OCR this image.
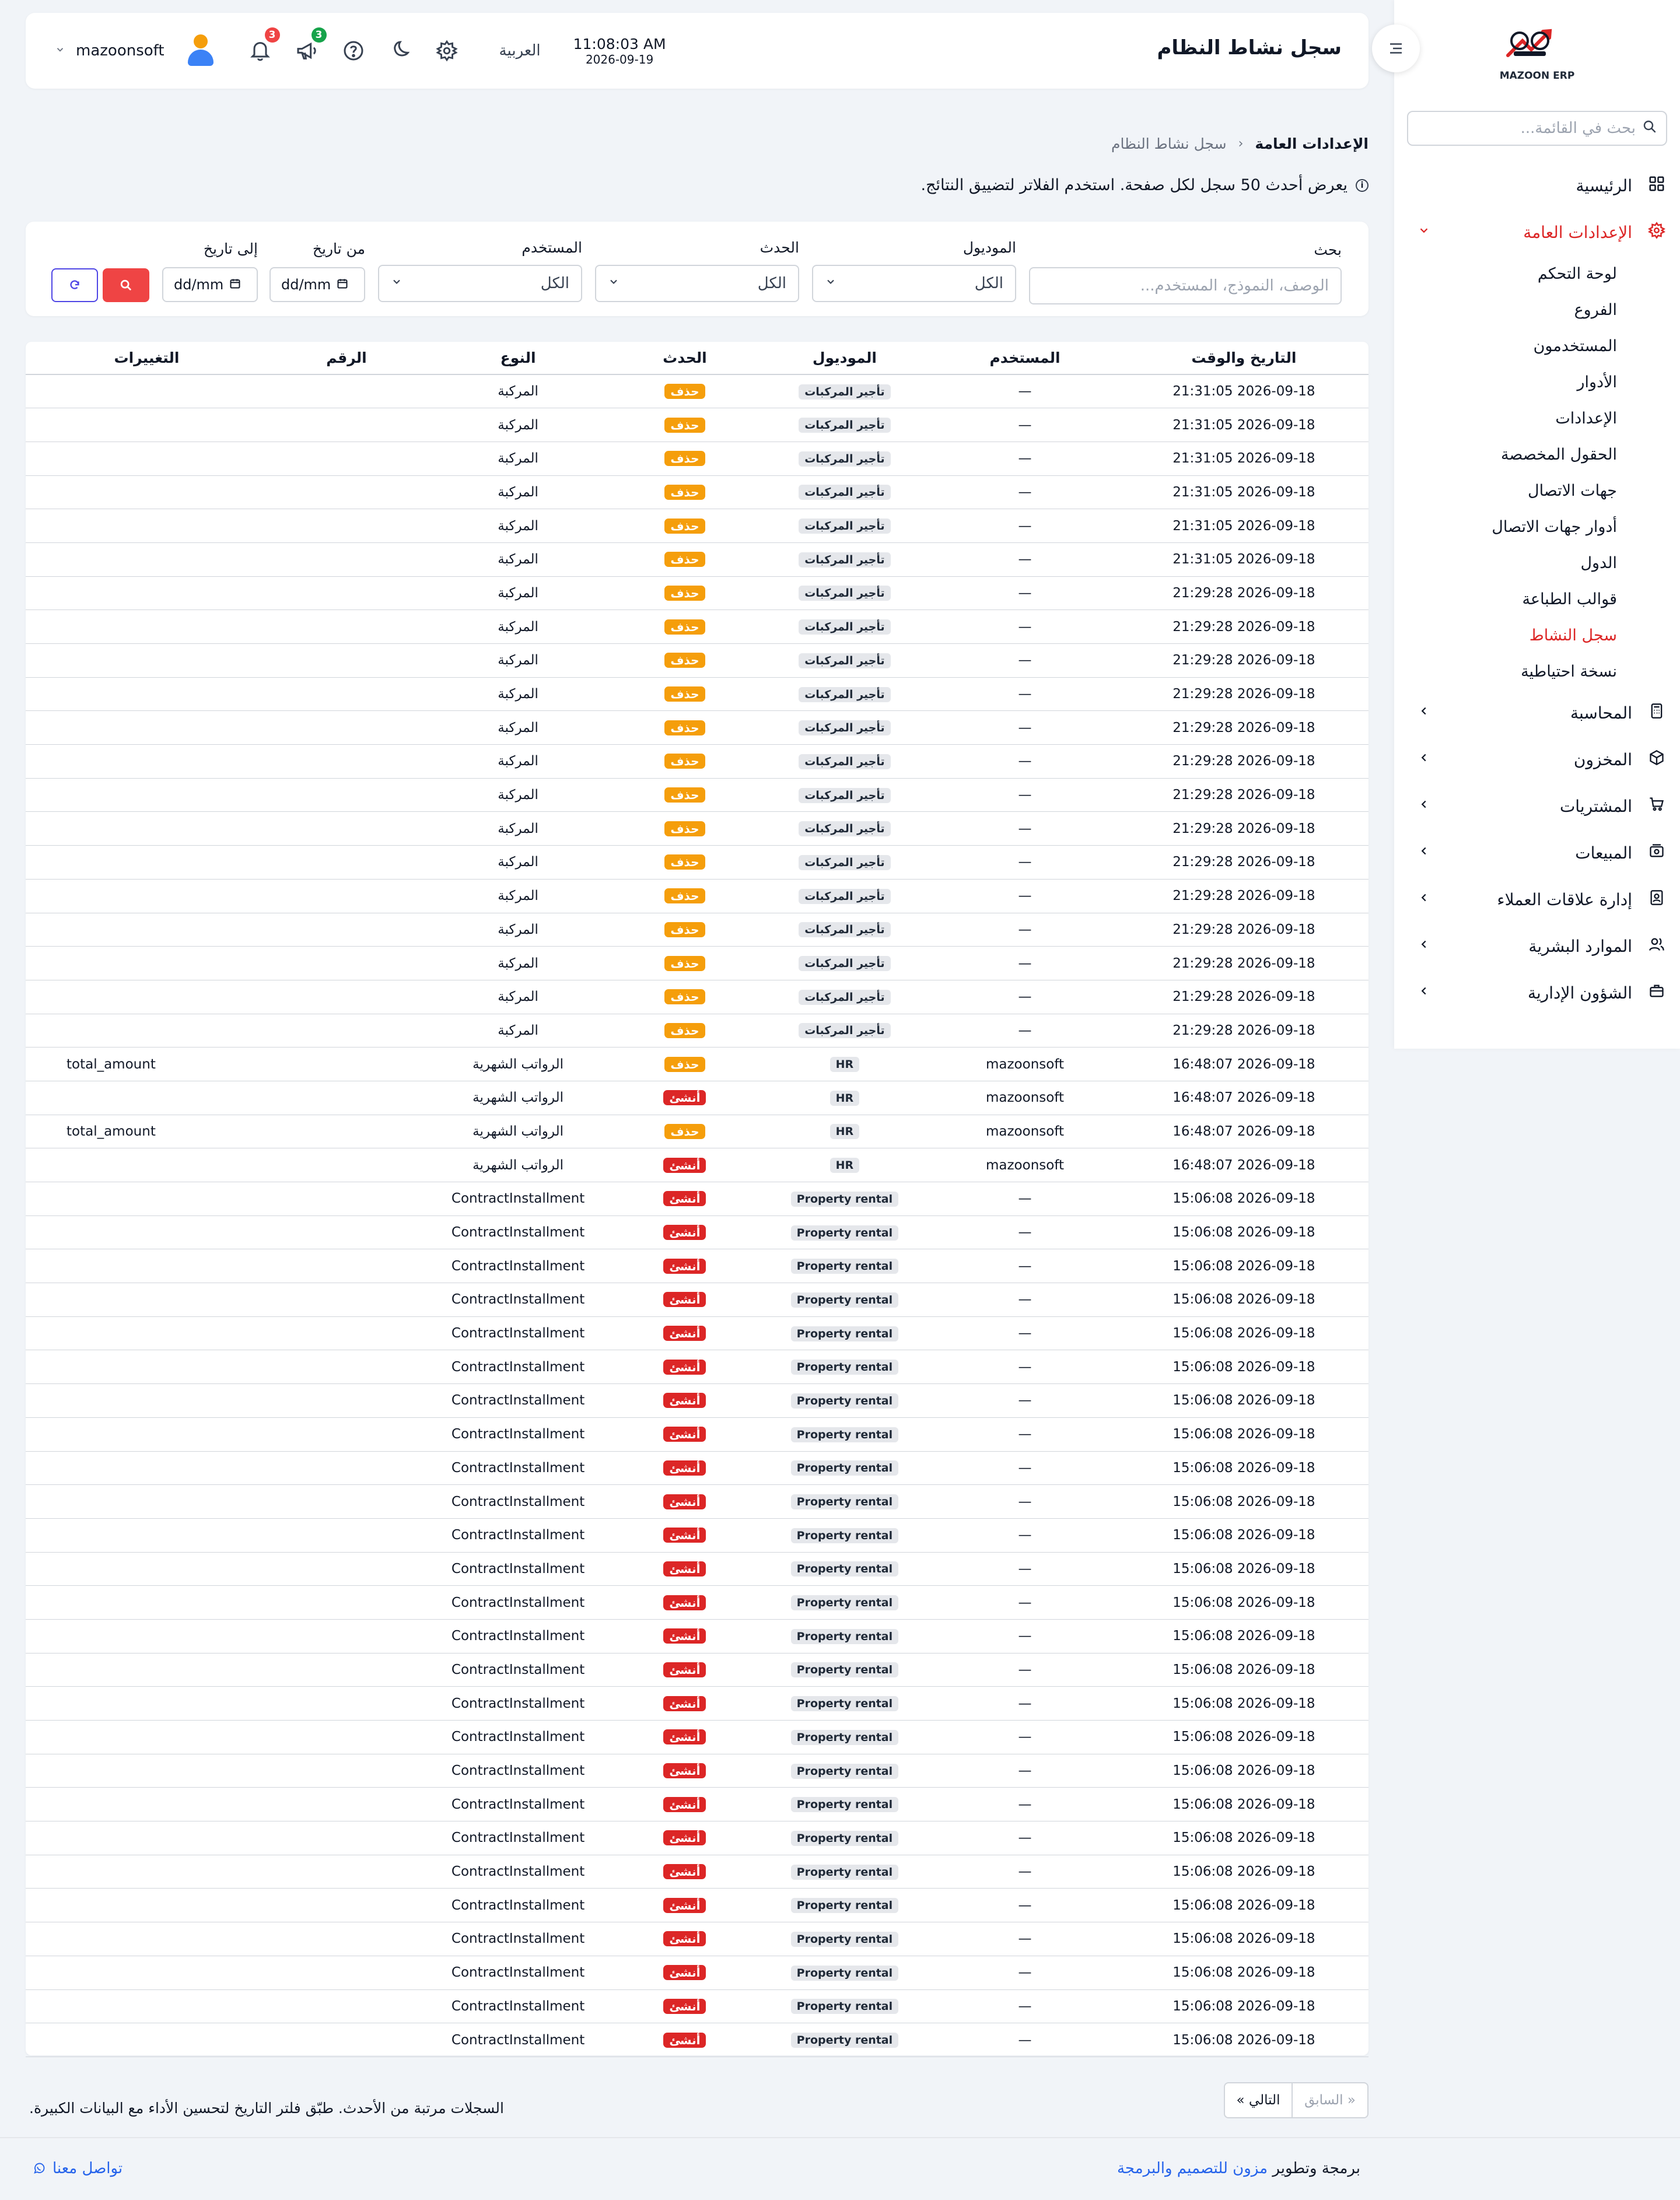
MAZOON ERP
بحث في القائمة...
الرئيسية
الإعدادات العامة
لوحة التحكم
الفروع
المستخدمون
الأدوار
الإعدادات
الحقول المخصصة
جهات الاتصال
أدوار جهات الاتصال
الدول
قوالب الطباعة
سجل النشاط
نسخة احتياطية
المحاسبة
المخزون
المشتريات
المبيعات
إدارة علاقات العملاء
الموارد البشرية
الشؤون الإدارية
سجل نشاط النظام
mazoonsoft
3	3
العربية 11:08:03 AM
2026-09-19
الإعدادات العامة
‹
سجل نشاط النظام
i
يعرض أحدث 50 سجل لكل صفحة. استخدم الفلاتر لتضييق النتائج.
بحث
الوصف، النموذج، المستخدم...
الموديول
الكل
الحدث
الكل
المستخدم
الكل
من تاريخ
dd/mm
إلى تاريخ
dd/mm
التاريخ والوقت	المستخدم	الموديول	الحدث	النوع	الرقم	التغييرات
2026-09-18 21:31:05	—	تأجير المركبات	حذف	المركبة		
2026-09-18 21:31:05	—	تأجير المركبات	حذف	المركبة		
2026-09-18 21:31:05	—	تأجير المركبات	حذف	المركبة		
2026-09-18 21:31:05	—	تأجير المركبات	حذف	المركبة		
2026-09-18 21:31:05	—	تأجير المركبات	حذف	المركبة		
2026-09-18 21:31:05	—	تأجير المركبات	حذف	المركبة		
2026-09-18 21:29:28	—	تأجير المركبات	حذف	المركبة		
2026-09-18 21:29:28	—	تأجير المركبات	حذف	المركبة		
2026-09-18 21:29:28	—	تأجير المركبات	حذف	المركبة		
2026-09-18 21:29:28	—	تأجير المركبات	حذف	المركبة		
2026-09-18 21:29:28	—	تأجير المركبات	حذف	المركبة		
2026-09-18 21:29:28	—	تأجير المركبات	حذف	المركبة		
2026-09-18 21:29:28	—	تأجير المركبات	حذف	المركبة		
2026-09-18 21:29:28	—	تأجير المركبات	حذف	المركبة		
2026-09-18 21:29:28	—	تأجير المركبات	حذف	المركبة		
2026-09-18 21:29:28	—	تأجير المركبات	حذف	المركبة		
2026-09-18 21:29:28	—	تأجير المركبات	حذف	المركبة		
2026-09-18 21:29:28	—	تأجير المركبات	حذف	المركبة		
2026-09-18 21:29:28	—	تأجير المركبات	حذف	المركبة		
2026-09-18 21:29:28	—	تأجير المركبات	حذف	المركبة		
2026-09-18 16:48:07	mazoonsoft	HR	حذف	الرواتب الشهرية		total_amount
2026-09-18 16:48:07	mazoonsoft	HR	أنشئ	الرواتب الشهرية		
2026-09-18 16:48:07	mazoonsoft	HR	حذف	الرواتب الشهرية		total_amount
2026-09-18 16:48:07	mazoonsoft	HR	أنشئ	الرواتب الشهرية		
2026-09-18 15:06:08	—	Property rental	أنشئ	ContractInstallment		
2026-09-18 15:06:08	—	Property rental	أنشئ	ContractInstallment		
2026-09-18 15:06:08	—	Property rental	أنشئ	ContractInstallment		
2026-09-18 15:06:08	—	Property rental	أنشئ	ContractInstallment		
2026-09-18 15:06:08	—	Property rental	أنشئ	ContractInstallment		
2026-09-18 15:06:08	—	Property rental	أنشئ	ContractInstallment		
2026-09-18 15:06:08	—	Property rental	أنشئ	ContractInstallment		
2026-09-18 15:06:08	—	Property rental	أنشئ	ContractInstallment		
2026-09-18 15:06:08	—	Property rental	أنشئ	ContractInstallment		
2026-09-18 15:06:08	—	Property rental	أنشئ	ContractInstallment		
2026-09-18 15:06:08	—	Property rental	أنشئ	ContractInstallment		
2026-09-18 15:06:08	—	Property rental	أنشئ	ContractInstallment		
2026-09-18 15:06:08	—	Property rental	أنشئ	ContractInstallment		
2026-09-18 15:06:08	—	Property rental	أنشئ	ContractInstallment		
2026-09-18 15:06:08	—	Property rental	أنشئ	ContractInstallment		
2026-09-18 15:06:08	—	Property rental	أنشئ	ContractInstallment		
2026-09-18 15:06:08	—	Property rental	أنشئ	ContractInstallment		
2026-09-18 15:06:08	—	Property rental	أنشئ	ContractInstallment		
2026-09-18 15:06:08	—	Property rental	أنشئ	ContractInstallment		
2026-09-18 15:06:08	—	Property rental	أنشئ	ContractInstallment		
2026-09-18 15:06:08	—	Property rental	أنشئ	ContractInstallment		
2026-09-18 15:06:08	—	Property rental	أنشئ	ContractInstallment		
2026-09-18 15:06:08	—	Property rental	أنشئ	ContractInstallment		
2026-09-18 15:06:08	—	Property rental	أنشئ	ContractInstallment		
2026-09-18 15:06:08	—	Property rental	أنشئ	ContractInstallment		
2026-09-18 15:06:08	—	Property rental	أنشئ	ContractInstallment		
السجلات مرتبة من الأحدث. طبّق فلتر التاريخ لتحسين الأداء مع البيانات الكبيرة.	« السابق
التالي »
برمجة وتطوير مزون للتصميم والبرمجة
تواصل معنا
